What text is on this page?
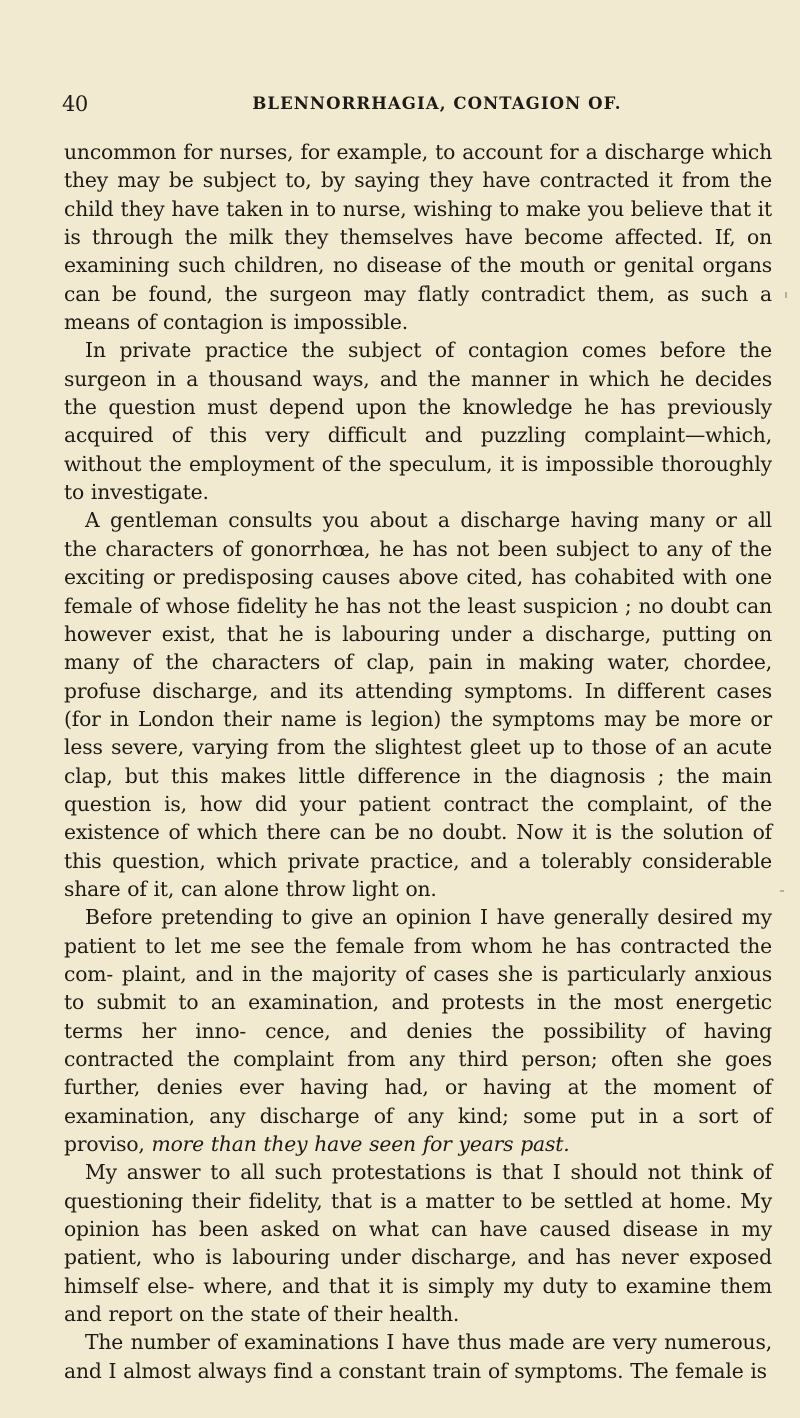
40	BLENNORRHAGIA, CONTAGION OF.

uncommon for nurses, for example, to account for a discharge which they may be subject to, by saying they have contracted it from the child they have taken in to nurse, wishing to make you believe that it is through the milk they themselves have become affected. If, on examining such children, no disease of the mouth or genital organs can be found, the surgeon may flatly contradict them, as such a means of contagion is impossible.

In private practice the subject of contagion comes before the surgeon in a thousand ways, and the manner in which he decides the question must depend upon the knowledge he has previously acquired of this very difficult and puzzling complaint—which, without the employment of the speculum, it is impossible thoroughly to investigate.

A gentleman consults you about a discharge having many or all the characters of gonorrhœa, he has not been subject to any of the exciting or predisposing causes above cited, has cohabited with one female of whose fidelity he has not the least suspicion ; no doubt can however exist, that he is labouring under a discharge, putting on many of the characters of clap, pain in making water, chordee, profuse discharge, and its attending symptoms. In different cases (for in London their name is legion) the symptoms may be more or less severe, varying from the slightest gleet up to those of an acute clap, but this makes little difference in the diagnosis ; the main question is, how did your patient contract the complaint, of the existence of which there can be no doubt. Now it is the solution of this question, which private practice, and a tolerably considerable share of it, can alone throw light on.

Before pretending to give an opinion I have generally desired my patient to let me see the female from whom he has contracted the com- plaint, and in the majority of cases she is particularly anxious to submit to an examination, and protests in the most energetic terms her inno- cence, and denies the possibility of having contracted the complaint from any third person; often she goes further, denies ever having had, or having at the moment of examination, any discharge of any kind; some put in a sort of proviso, more than they have seen for years past.

My answer to all such protestations is that I should not think of questioning their fidelity, that is a matter to be settled at home. My opinion has been asked on what can have caused disease in my patient, who is labouring under discharge, and has never exposed himself else- where, and that it is simply my duty to examine them and report on the state of their health.

The number of examinations I have thus made are very numerous, and I almost always find a constant train of symptoms. The female is
